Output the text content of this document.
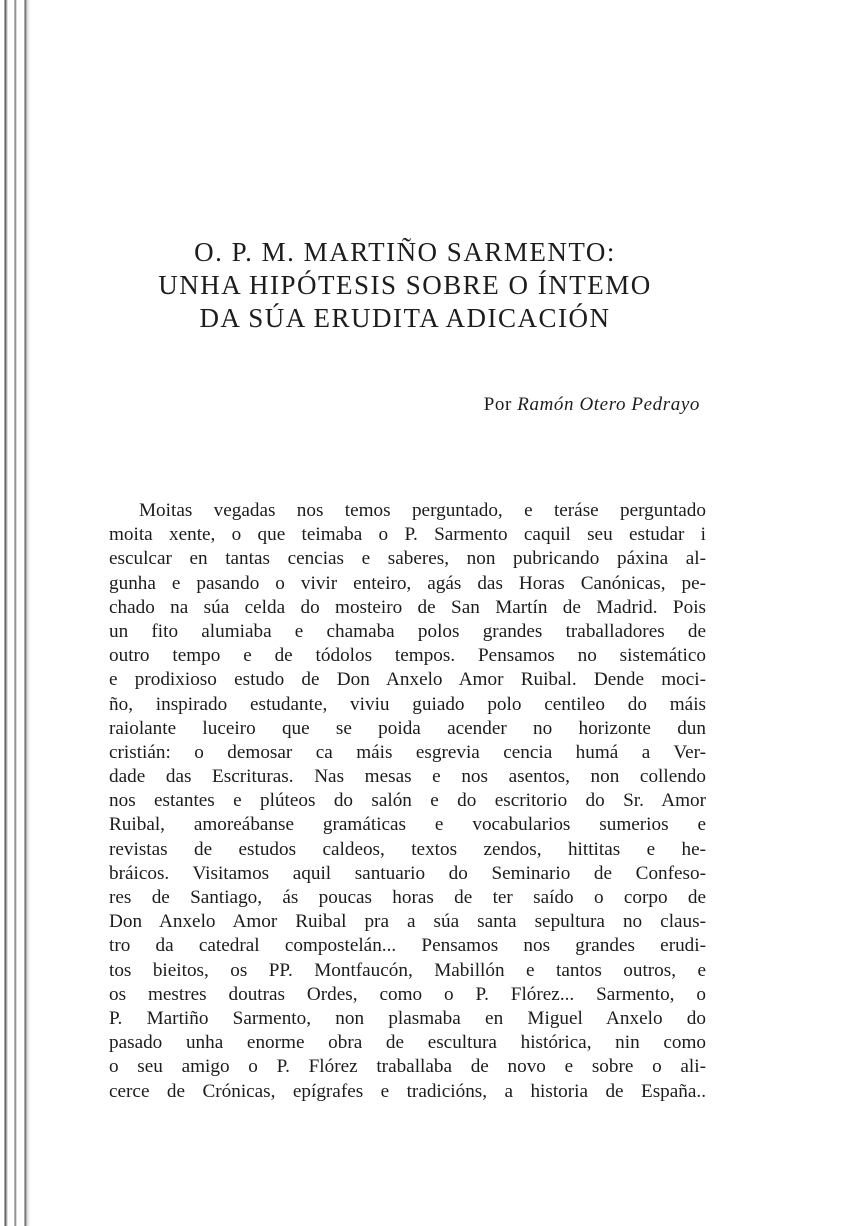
O. P. M. MARTIÑO SARMENTO:
UNHA HIPÓTESIS SOBRE O ÍNTEMO
DA SÚA ERUDITA ADICACIÓN
Por Ramón Otero Pedrayo
Moitas vegadas nos temos perguntado, e teráse perguntado
moita xente, o que teimaba o P. Sarmento caquil seu estudar i
esculcar en tantas cencias e saberes, non pubricando páxina al-
gunha e pasando o vivir enteiro, agás das Horas Canónicas, pe-
chado na súa celda do mosteiro de San Martín de Madrid. Pois
un fito alumiaba e chamaba polos grandes traballadores de
outro tempo e de tódolos tempos. Pensamos no sistemático
e prodixioso estudo de Don Anxelo Amor Ruibal. Dende moci-
ño, inspirado estudante, viviu guiado polo centileo do máis
raiolante luceiro que se poida acender no horizonte dun
cristián: o demosar ca máis esgrevia cencia humá a Ver-
dade das Escrituras. Nas mesas e nos asentos, non collendo
nos estantes e plúteos do salón e do escritorio do Sr. Amor
Ruibal, amoreábanse gramáticas e vocabularios sumerios e
revistas de estudos caldeos, textos zendos, hittitas e he-
bráicos. Visitamos aquil santuario do Seminario de Confeso-
res de Santiago, ás poucas horas de ter saído o corpo de
Don Anxelo Amor Ruibal pra a súa santa sepultura no claus-
tro da catedral compostelán... Pensamos nos grandes erudi-
tos bieitos, os PP. Montfaucón, Mabillón e tantos outros, e
os mestres doutras Ordes, como o P. Flórez... Sarmento, o
P. Martiño Sarmento, non plasmaba en Miguel Anxelo do
pasado unha enorme obra de escultura histórica, nin como
o seu amigo o P. Flórez traballaba de novo e sobre o ali-
cerce de Crónicas, epígrafes e tradicións, a historia de España..
